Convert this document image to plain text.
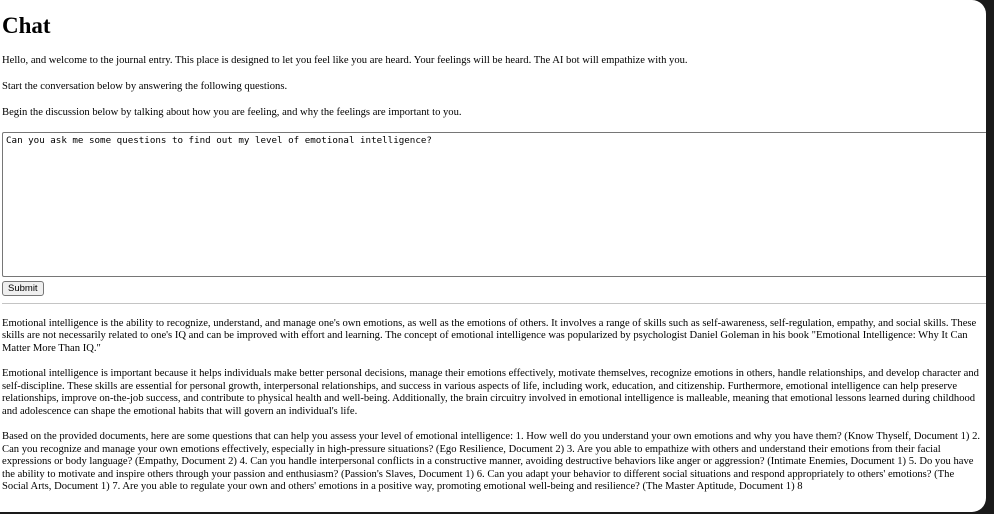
Chat

Hello, and welcome to the journal entry. This place is designed to let you feel like you are heard. Your feelings will be heard. The AI bot will empathize with you.

Start the conversation below by answering the following questions.

Begin the discussion below by talking about how you are feeling, and why the feelings are important to you.

Can you ask me some questions to find out my level of emotional intelligence?
Submit

Emotional intelligence is the ability to recognize, understand, and manage one's own emotions, as well as the emotions of others. It involves a range of skills such as self-awareness, self-regulation, empathy, and social skills. These skills are not necessarily related to one's IQ and can be improved with effort and learning. The concept of emotional intelligence was popularized by psychologist Daniel Goleman in his book "Emotional Intelligence: Why It Can Matter More Than IQ."

Emotional intelligence is important because it helps individuals make better personal decisions, manage their emotions effectively, motivate themselves, recognize emotions in others, handle relationships, and develop character and self-discipline. These skills are essential for personal growth, interpersonal relationships, and success in various aspects of life, including work, education, and citizenship. Furthermore, emotional intelligence can help preserve relationships, improve on-the-job success, and contribute to physical health and well-being. Additionally, the brain circuitry involved in emotional intelligence is malleable, meaning that emotional lessons learned during childhood and adolescence can shape the emotional habits that will govern an individual's life.

Based on the provided documents, here are some questions that can help you assess your level of emotional intelligence: 1. How well do you understand your own emotions and why you have them? (Know Thyself, Document 1) 2. Can you recognize and manage your own emotions effectively, especially in high-pressure situations? (Ego Resilience, Document 2) 3. Are you able to empathize with others and understand their emotions from their facial expressions or body language? (Empathy, Document 2) 4. Can you handle interpersonal conflicts in a constructive manner, avoiding destructive behaviors like anger or aggression? (Intimate Enemies, Document 1) 5. Do you have the ability to motivate and inspire others through your passion and enthusiasm? (Passion's Slaves, Document 1) 6. Can you adapt your behavior to different social situations and respond appropriately to others' emotions? (The Social Arts, Document 1) 7. Are you able to regulate your own and others' emotions in a positive way, promoting emotional well-being and resilience? (The Master Aptitude, Document 1) 8
